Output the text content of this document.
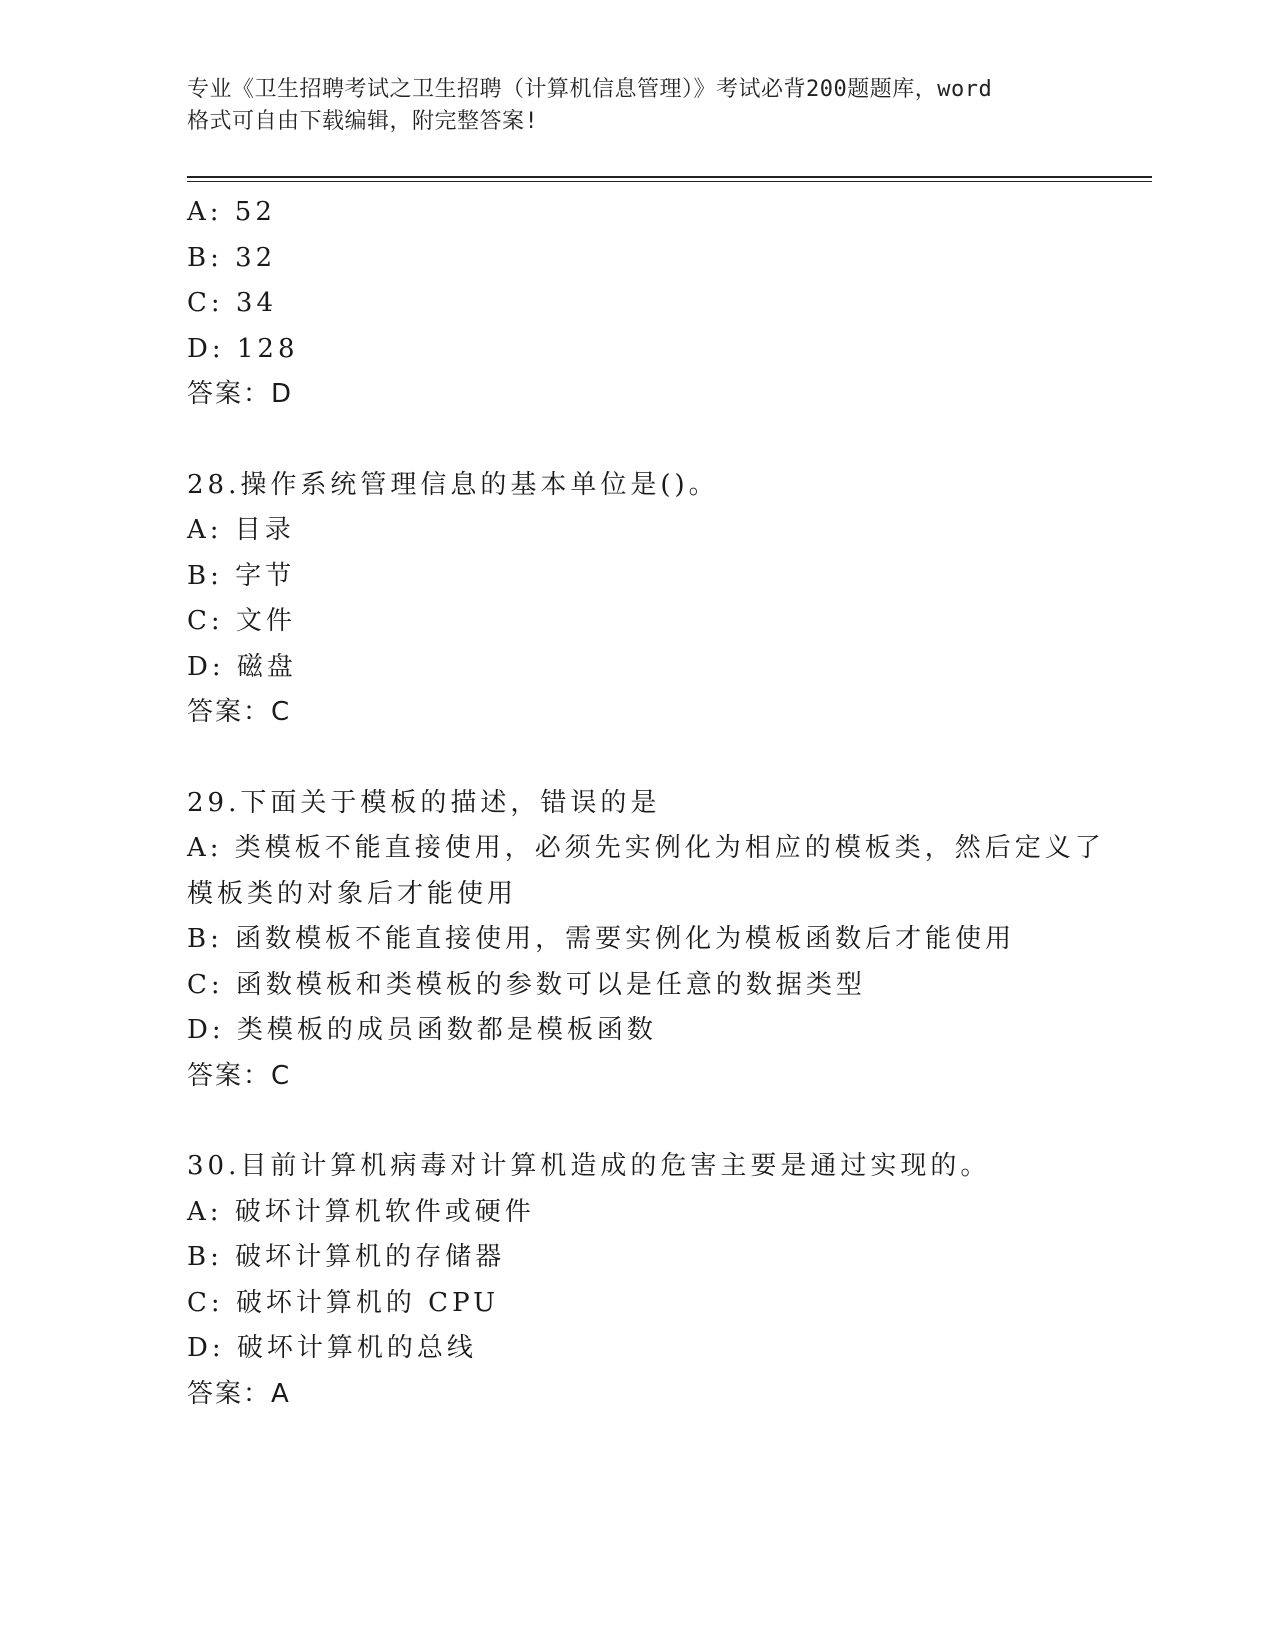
专业《卫生招聘考试之卫生招聘（计算机信息管理）》考试必背200题题库，word
格式可自由下载编辑，附完整答案!
A: 52
B: 32
C: 34
D: 128
答案：D
28.操作系统管理信息的基本单位是()。
A: 目录
B: 字节
C: 文件
D: 磁盘
答案：C
29.下面关于模板的描述，错误的是
A: 类模板不能直接使用，必须先实例化为相应的模板类，然后定义了
模板类的对象后才能使用
B: 函数模板不能直接使用，需要实例化为模板函数后才能使用
C: 函数模板和类模板的参数可以是任意的数据类型
D: 类模板的成员函数都是模板函数
答案：C
30.目前计算机病毒对计算机造成的危害主要是通过实现的。
A: 破坏计算机软件或硬件
B: 破坏计算机的存储器
C: 破坏计算机的 CPU
D: 破坏计算机的总线
答案：A
